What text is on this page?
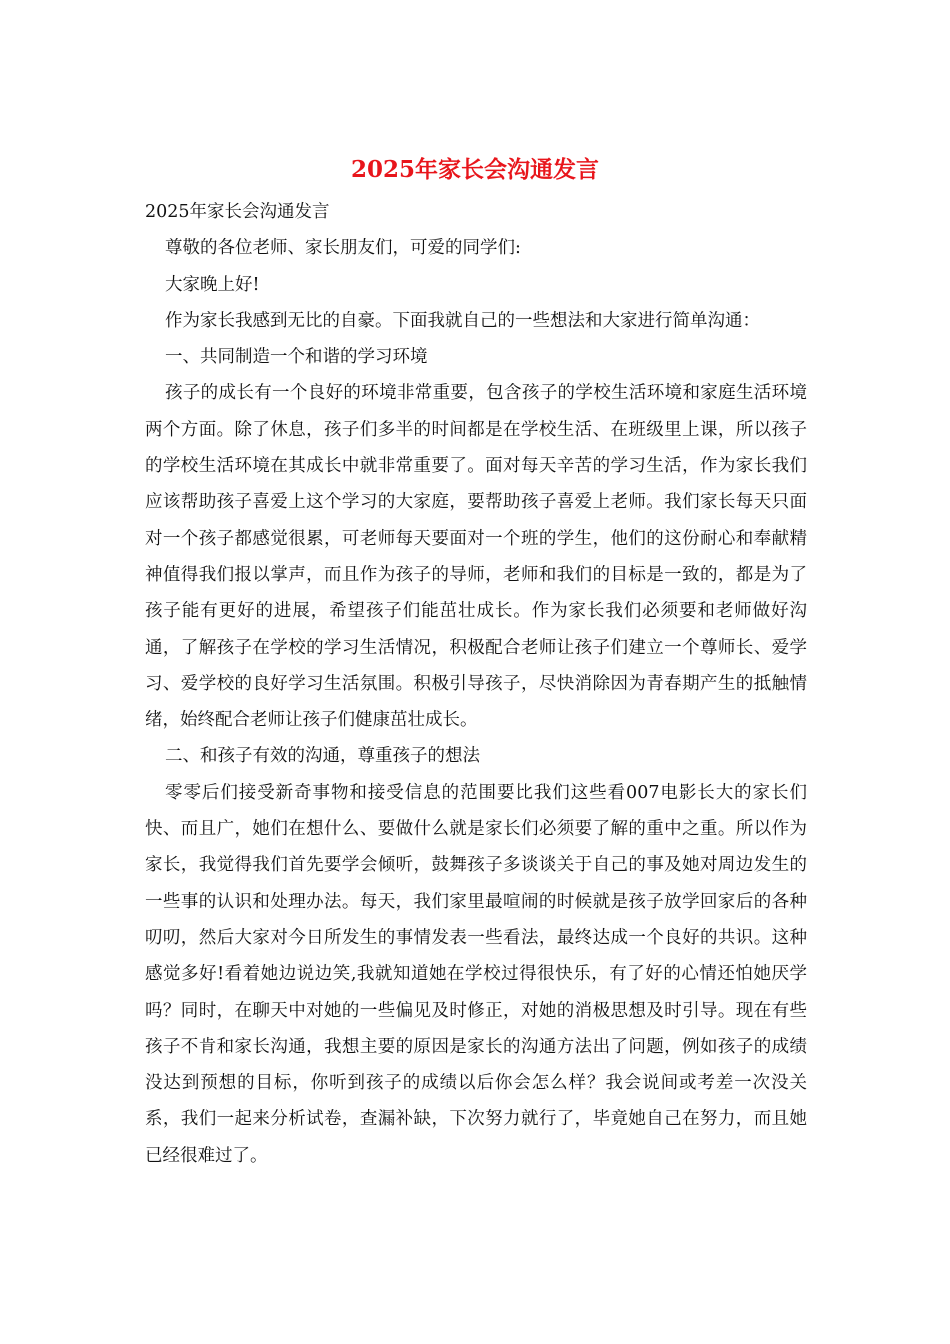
2025年家长会沟通发言

2025年家长会沟通发言

尊敬的各位老师、家长朋友们，可爱的同学们:

大家晚上好!

作为家长我感到无比的自豪。下面我就自己的一些想法和大家进行简单沟通：

一、共同制造一个和谐的学习环境

孩子的成长有一个良好的环境非常重要，包含孩子的学校生活环境和家庭生活环境两个方面。除了休息，孩子们多半的时间都是在学校生活、在班级里上课，所以孩子的学校生活环境在其成长中就非常重要了。面对每天辛苦的学习生活，作为家长我们应该帮助孩子喜爱上这个学习的大家庭，要帮助孩子喜爱上老师。我们家长每天只面对一个孩子都感觉很累，可老师每天要面对一个班的学生，他们的这份耐心和奉献精神值得我们报以掌声，而且作为孩子的导师，老师和我们的目标是一致的，都是为了孩子能有更好的进展，希望孩子们能茁壮成长。作为家长我们必须要和老师做好沟通，了解孩子在学校的学习生活情况，积极配合老师让孩子们建立一个尊师长、爱学习、爱学校的良好学习生活氛围。积极引导孩子，尽快消除因为青春期产生的抵触情绪，始终配合老师让孩子们健康茁壮成长。

二、和孩子有效的沟通，尊重孩子的想法

零零后们接受新奇事物和接受信息的范围要比我们这些看007电影长大的家长们快、而且广，她们在想什么、要做什么就是家长们必须要了解的重中之重。所以作为家长，我觉得我们首先要学会倾听，鼓舞孩子多谈谈关于自己的事及她对周边发生的一些事的认识和处理办法。每天，我们家里最喧闹的时候就是孩子放学回家后的各种叨叨，然后大家对今日所发生的事情发表一些看法，最终达成一个良好的共识。这种感觉多好!看着她边说边笑,我就知道她在学校过得很快乐，有了好的心情还怕她厌学吗？同时，在聊天中对她的一些偏见及时修正，对她的消极思想及时引导。现在有些孩子不肯和家长沟通，我想主要的原因是家长的沟通方法出了问题，例如孩子的成绩没达到预想的目标，你听到孩子的成绩以后你会怎么样？我会说间或考差一次没关系，我们一起来分析试卷，查漏补缺，下次努力就行了，毕竟她自己在努力，而且她已经很难过了。
